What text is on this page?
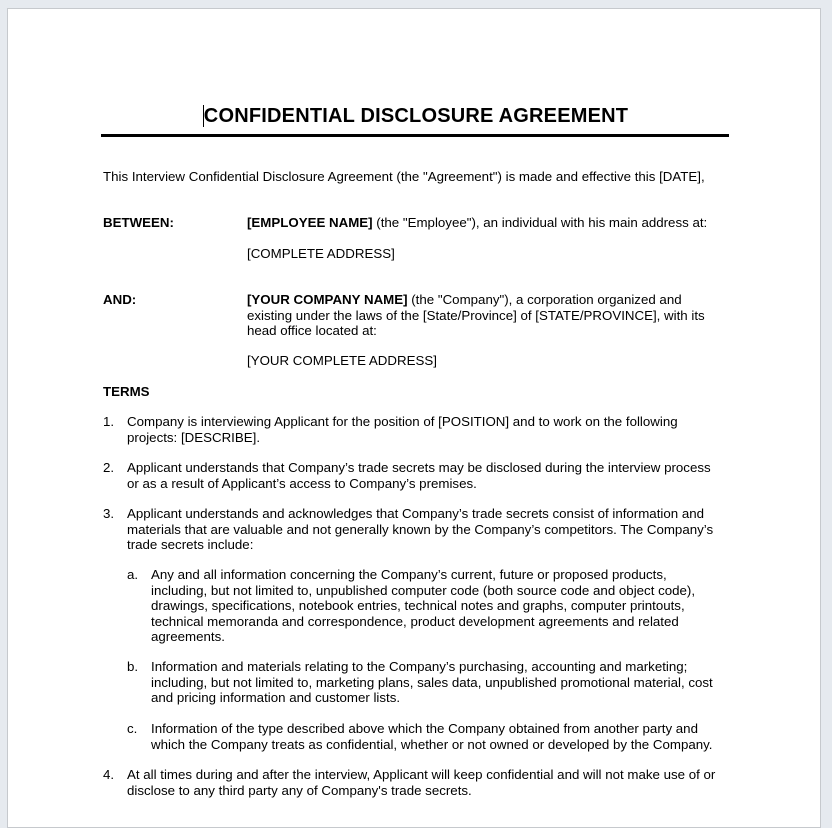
CONFIDENTIAL DISCLOSURE AGREEMENT
This Interview Confidential Disclosure Agreement (the "Agreement") is made and effective this [DATE],
BETWEEN:	[EMPLOYEE NAME] (the "Employee"), an individual with his main address at:
[COMPLETE ADDRESS]
AND:	[YOUR COMPANY NAME] (the "Company"), a corporation organized and
existing under the laws of the [State/Province] of [STATE/PROVINCE], with its
head office located at:
[YOUR COMPLETE ADDRESS]
TERMS
1. Company is interviewing Applicant for the position of [POSITION] and to work on the following
projects: [DESCRIBE].
2. Applicant understands that Company’s trade secrets may be disclosed during the interview process
or as a result of Applicant’s access to Company’s premises.
3. Applicant understands and acknowledges that Company’s trade secrets consist of information and
materials that are valuable and not generally known by the Company’s competitors. The Company’s
trade secrets include:
a. Any and all information concerning the Company’s current, future or proposed products,
including, but not limited to, unpublished computer code (both source code and object code),
drawings, specifications, notebook entries, technical notes and graphs, computer printouts,
technical memoranda and correspondence, product development agreements and related
agreements.
b. Information and materials relating to the Company’s purchasing, accounting and marketing;
including, but not limited to, marketing plans, sales data, unpublished promotional material, cost
and pricing information and customer lists.
c. Information of the type described above which the Company obtained from another party and
which the Company treats as confidential, whether or not owned or developed by the Company.
4. At all times during and after the interview, Applicant will keep confidential and will not make use of or
disclose to any third party any of Company's trade secrets.
